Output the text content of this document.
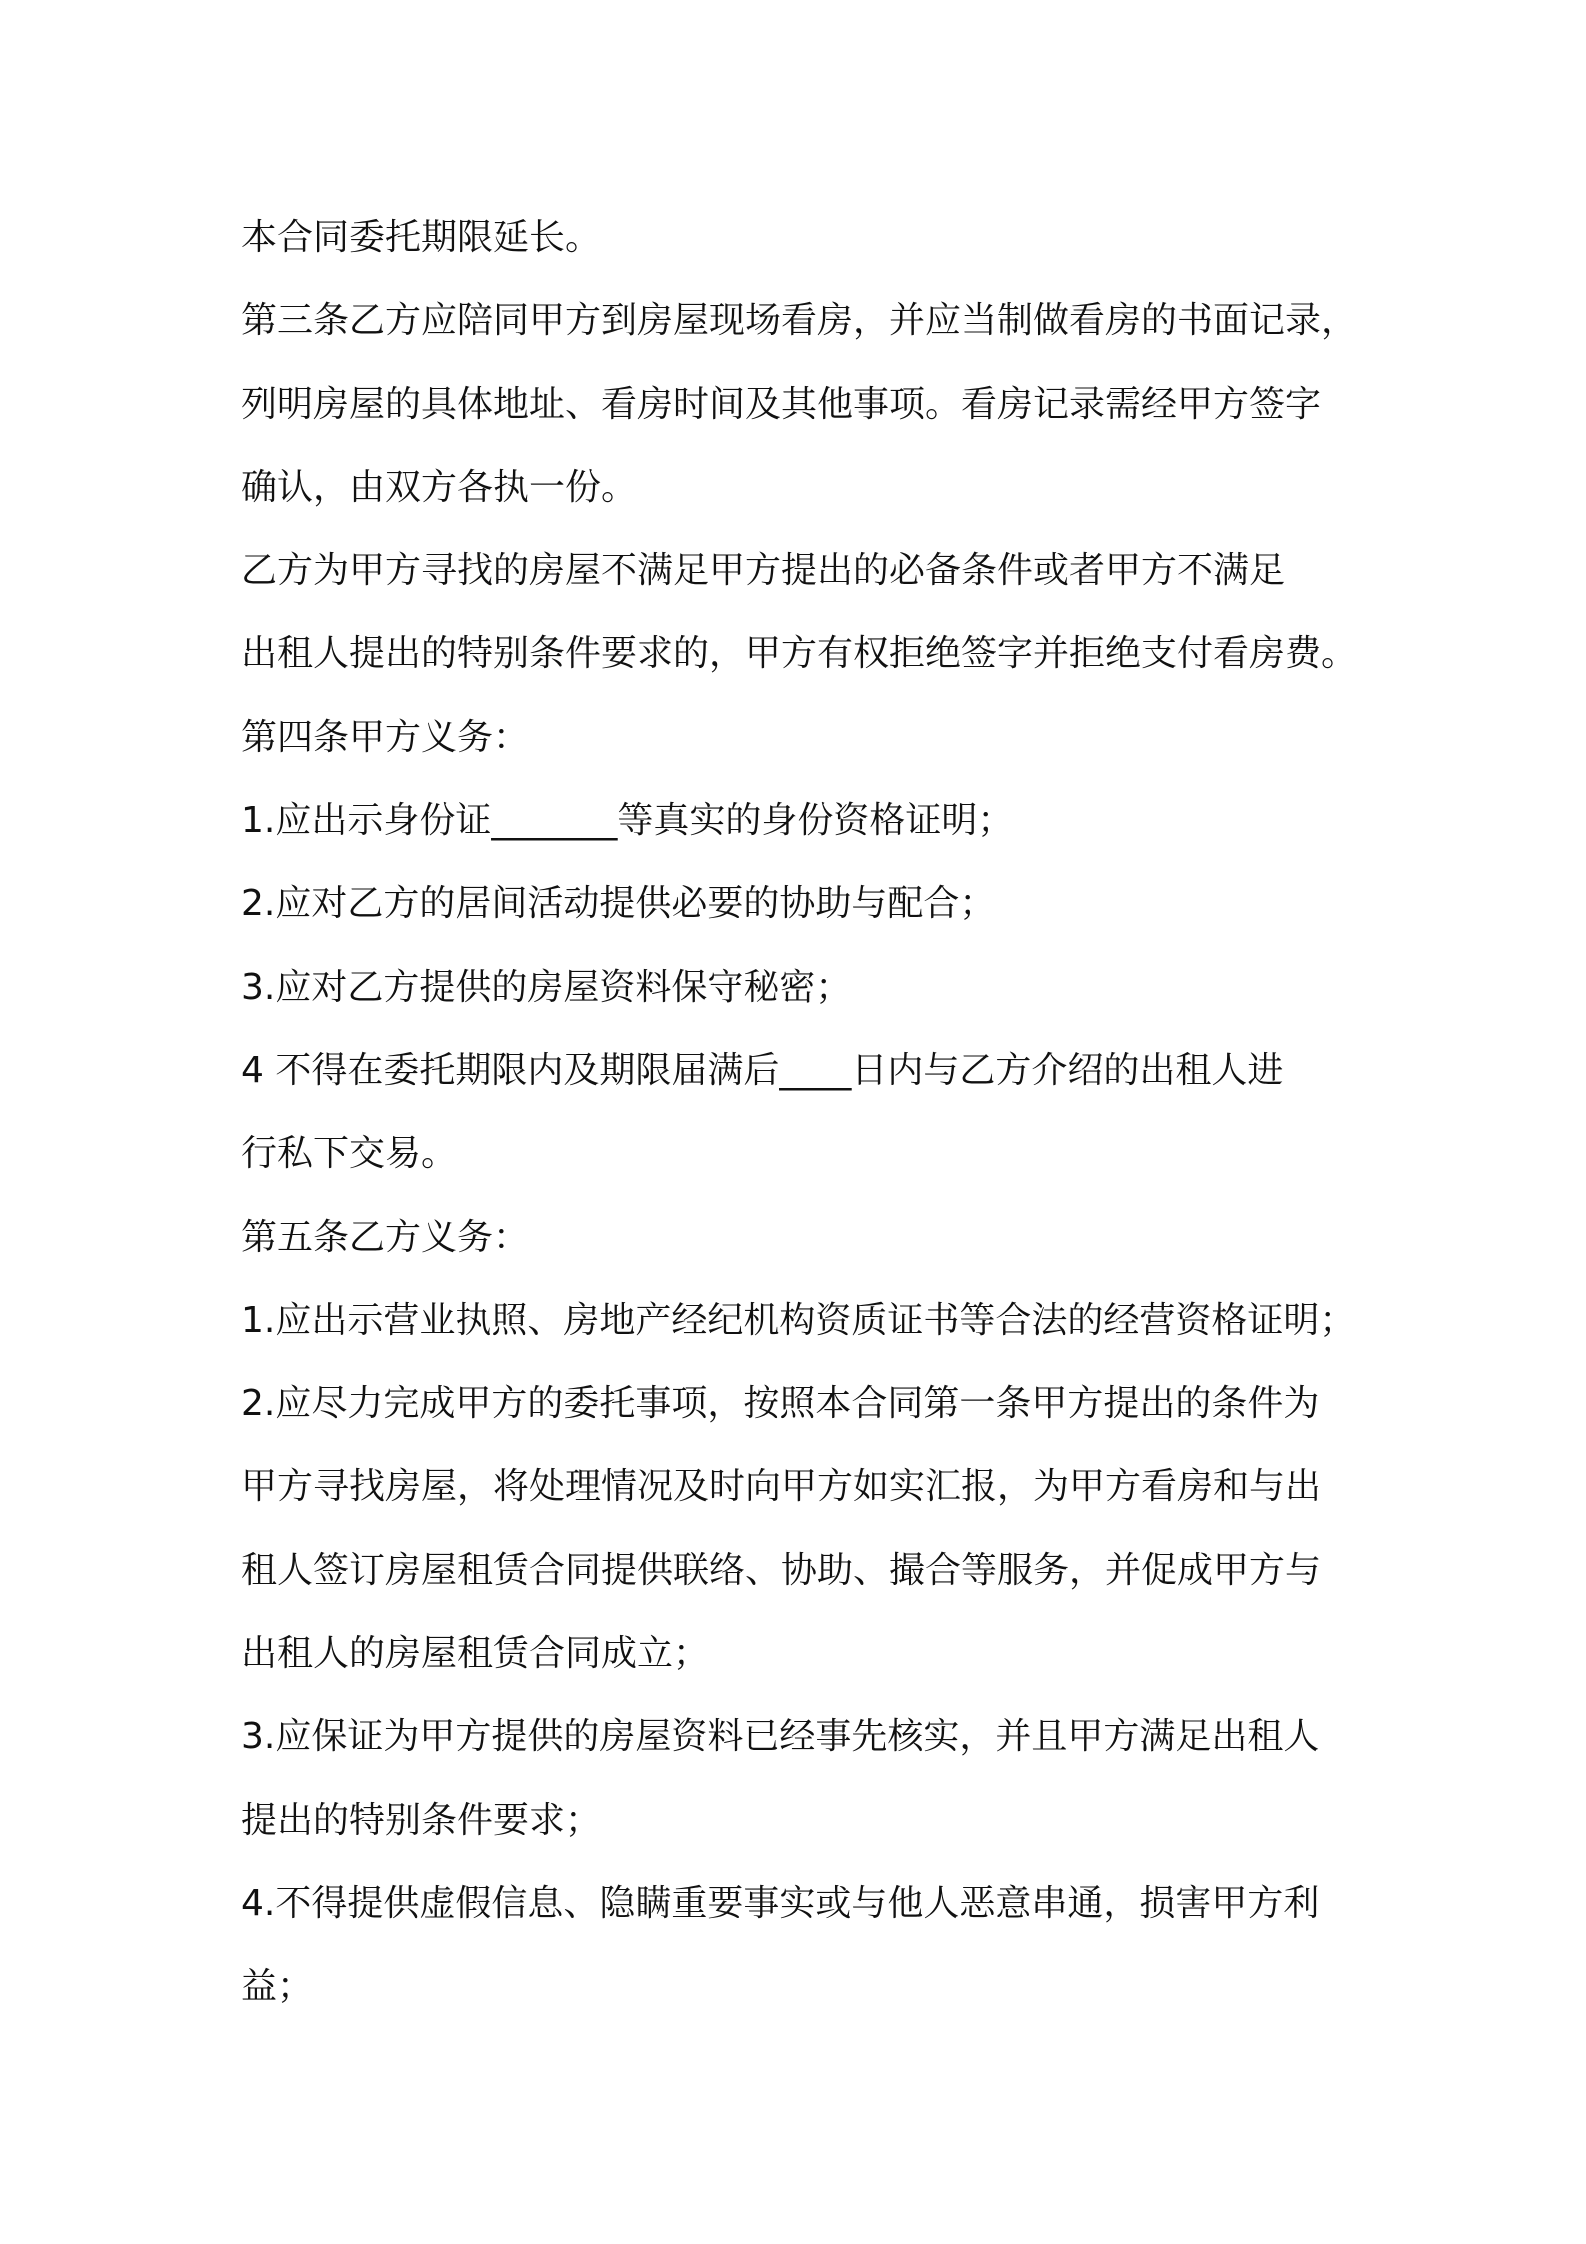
本合同委托期限延长。
第三条乙方应陪同甲方到房屋现场看房，并应当制做看房的书面记录，
列明房屋的具体地址、看房时间及其他事项。看房记录需经甲方签字
确认，由双方各执一份。
乙方为甲方寻找的房屋不满足甲方提出的必备条件或者甲方不满足
出租人提出的特别条件要求的，甲方有权拒绝签字并拒绝支付看房费。
第四条甲方义务：
1.应出示身份证_______等真实的身份资格证明；
2.应对乙方的居间活动提供必要的协助与配合；
3.应对乙方提供的房屋资料保守秘密；
4 不得在委托期限内及期限届满后____日内与乙方介绍的出租人进
行私下交易。
第五条乙方义务：
1.应出示营业执照、房地产经纪机构资质证书等合法的经营资格证明；
2.应尽力完成甲方的委托事项，按照本合同第一条甲方提出的条件为
甲方寻找房屋，将处理情况及时向甲方如实汇报，为甲方看房和与出
租人签订房屋租赁合同提供联络、协助、撮合等服务，并促成甲方与
出租人的房屋租赁合同成立；
3.应保证为甲方提供的房屋资料已经事先核实，并且甲方满足出租人
提出的特别条件要求；
4.不得提供虚假信息、隐瞒重要事实或与他人恶意串通，损害甲方利
益；
